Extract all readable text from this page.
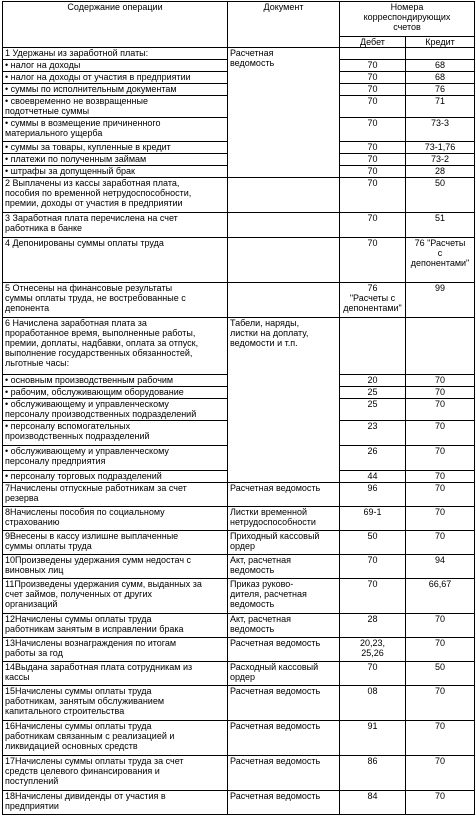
Содержание операции	Документ	Номера
корреспондирующих
счетов	
		Дебет	Кредит
1 Удержаны из заработной платы:	Расчетная
ведомость		
• налог на доходы		70	68
• налог на доходы от участия в предприятии		70	68
• суммы по исполнительным документам		70	76
• своевременно не возвращенные
подотчетные суммы		70	71
• суммы в возмещение причиненного
материального ущерба		70	73-3
• суммы за товары, купленные в кредит		70	73-1,76
• платежи по полученным займам		70	73-2
• штрафы за допущенный брак		70	28
2 Выплачены из кассы заработная плата,
пособия по временной нетрудоспособности,
премии, доходы от участия в предприятии		70	50
3 Заработная плата перечислена на счет
работника в банке		70	51
4 Депонированы суммы оплаты труда		70	76 "Расчеты
с
депонентами"
5 Отнесены на финансовые результаты
суммы оплаты труда, не востребованные с
депонента		76
"Расчеты с
депонентами"	99
6 Начислена заработная плата за
проработанное время, выполненные работы,
премии, доплаты, надбавки, оплата за отпуск,
выполнение государственных обязанностей,
льготные часы:	Табели, наряды,
листки на доплату,
ведомости и т.п.		
• основным производственным рабочим		20	70
• рабочим, обслуживающим оборудование		25	70
• обслуживающему и управленческому
персоналу производственных подразделений		25	70
• персоналу вспомогательных
производственных подразделений		23	70
• обслуживающему и управленческому
персоналу предприятия		26	70
• персоналу торговых подразделений		44	70
7Начислены отпускные работникам за счет
резерва	Расчетная ведомость	96	70
8Начислены пособия по социальному
страхованию	Листки временной
нетрудоспособности	69-1	70
9Внесены в кассу излишне выплаченные
суммы оплаты труда	Приходный кассовый
ордер	50	70
10Произведены удержания сумм недостач с
виновных лиц	Акт, расчетная
ведомость	70	94
11Произведены удержания сумм, выданных за
счет займов, полученных от других
организаций	Приказ руково-
дителя, расчетная
ведомость	70	66,67
12Начислены суммы оплаты труда
работникам занятым в исправлении брака	Акт, расчетная
ведомость	28	70
13Начислены вознаграждения по итогам
работы за год	Расчетная ведомость	20,23,
25,26	70
14Выдана заработная плата сотрудникам из
кассы	Расходный кассовый
ордер	70	50
15Начислены суммы оплаты труда
работникам, занятым обслуживанием
капитального строительства	Расчетная ведомость	08	70
16Начислены суммы оплаты труда
работникам связанным с реализацией и
ликвидацией основных средств	Расчетная ведомость	91	70
17Начислены суммы оплаты труда за счет
средств целевого финансирования и
поступлений	Расчетная ведомость	86	70
18Начислены дивиденды от участия в
предприятии	Расчетная ведомость	84	70
